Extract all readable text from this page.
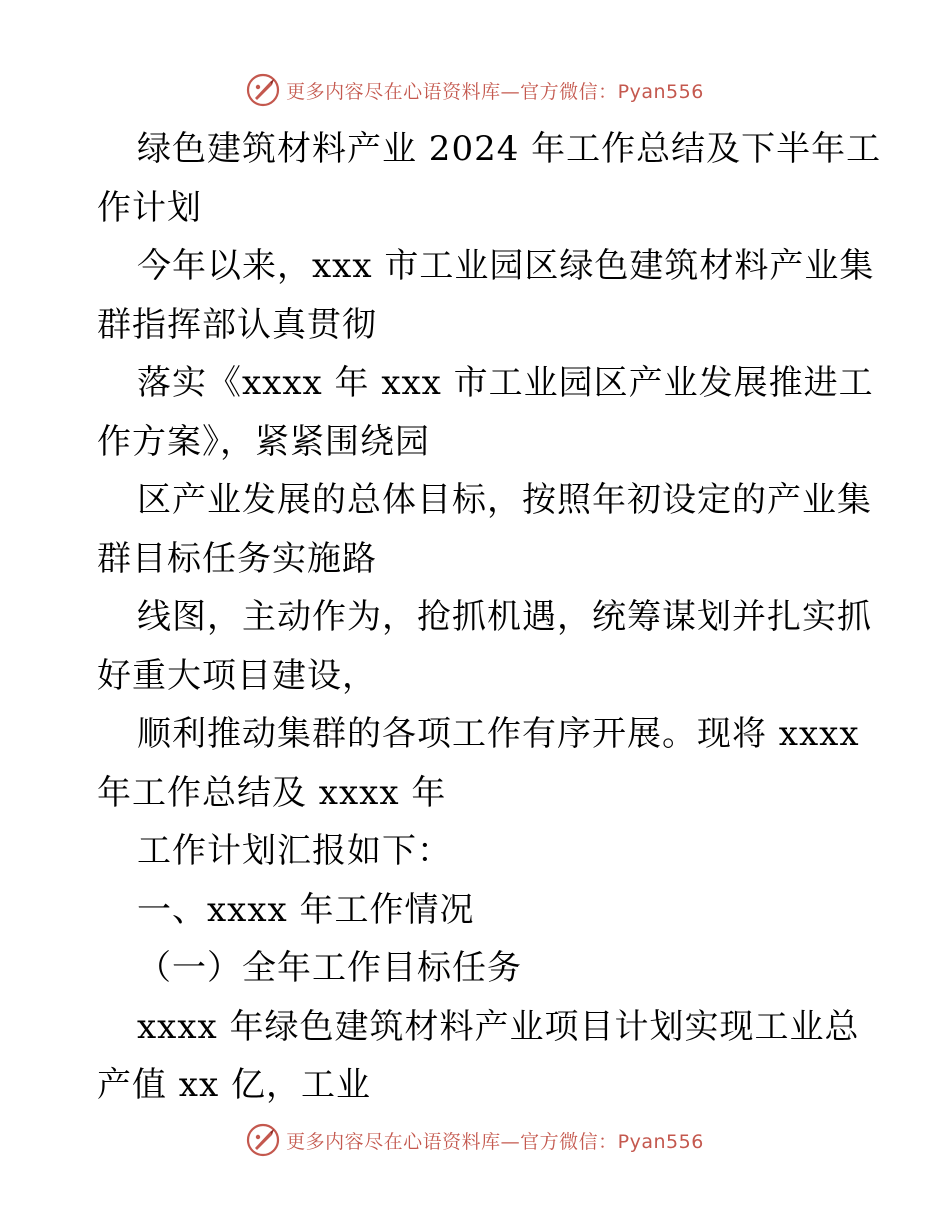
更多内容尽在心语资料库—官方微信：Pyan556
绿色建筑材料产业 2024 年工作总结及下半年工
作计划
今年以来，xxx 市工业园区绿色建筑材料产业集
群指挥部认真贯彻
落实《xxxx 年 xxx 市工业园区产业发展推进工
作方案》，紧紧围绕园
区产业发展的总体目标，按照年初设定的产业集
群目标任务实施路
线图，主动作为，抢抓机遇，统筹谋划并扎实抓
好重大项目建设，
顺利推动集群的各项工作有序开展。现将 xxxx
年工作总结及 xxxx 年
工作计划汇报如下：
一、xxxx 年工作情况
（一）全年工作目标任务
xxxx 年绿色建筑材料产业项目计划实现工业总
产值 xx 亿，工业
更多内容尽在心语资料库—官方微信：Pyan556
